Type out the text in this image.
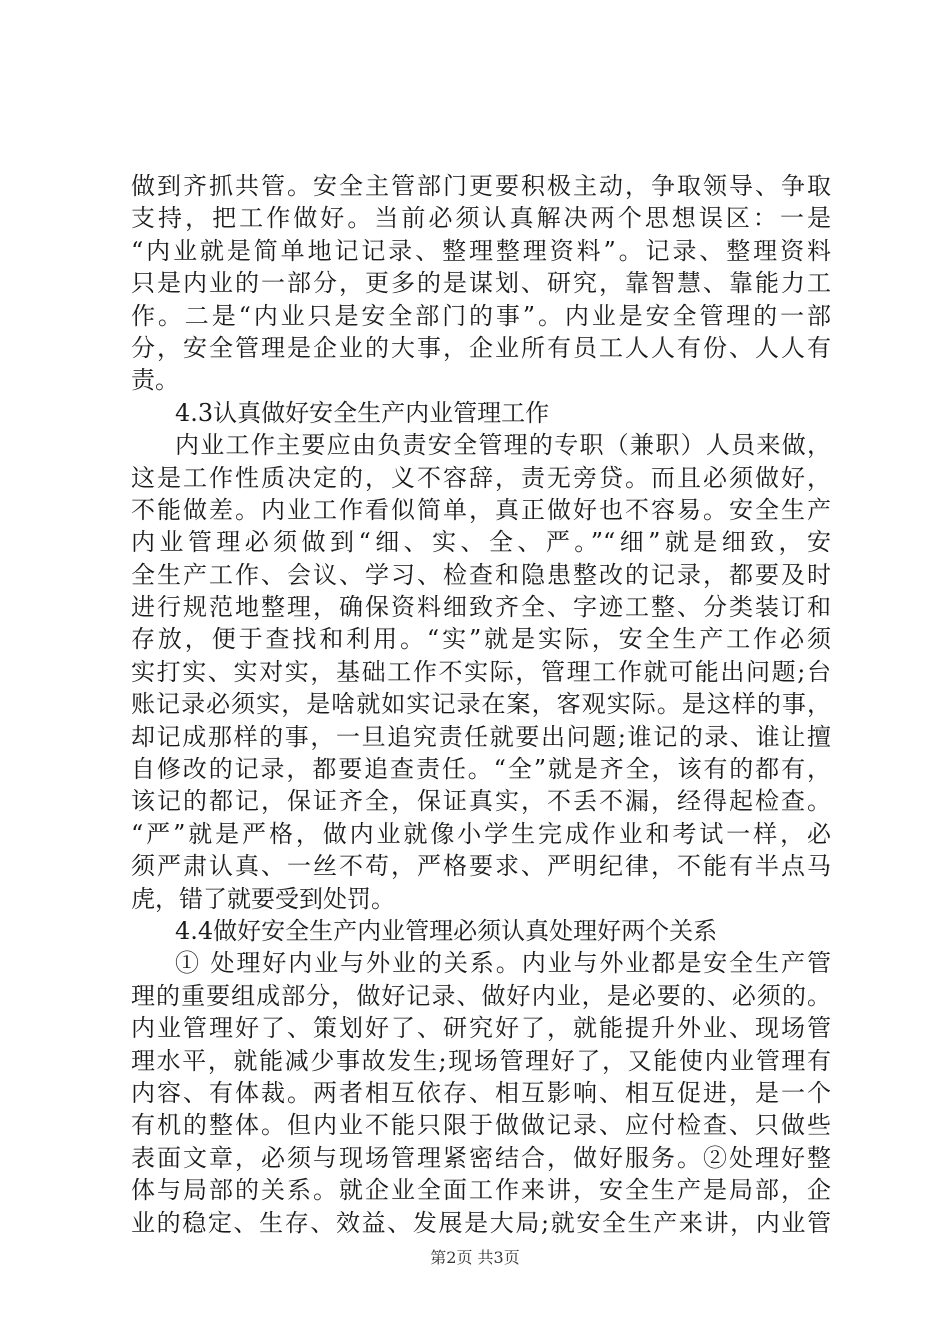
做到齐抓共管。安全主管部门更要积极主动，争取领导、争取
支持，把工作做好。当前必须认真解决两个思想误区：一是
“内业就是简单地记记录、整理整理资料”。记录、整理资料
只是内业的一部分，更多的是谋划、研究，靠智慧、靠能力工
作。二是“内业只是安全部门的事”。内业是安全管理的一部
分，安全管理是企业的大事，企业所有员工人人有份、人人有
责。
4.3认真做好安全生产内业管理工作
内业工作主要应由负责安全管理的专职（兼职）人员来做，
这是工作性质决定的，义不容辞，责无旁贷。而且必须做好，
不能做差。内业工作看似简单，真正做好也不容易。安全生产
内业管理必须做到“细、实、全、严。”“细”就是细致，安
全生产工作、会议、学习、检查和隐患整改的记录，都要及时
进行规范地整理，确保资料细致齐全、字迹工整、分类装订和
存放，便于查找和利用。“实”就是实际，安全生产工作必须
实打实、实对实，基础工作不实际，管理工作就可能出问题;台
账记录必须实，是啥就如实记录在案，客观实际。是这样的事，
却记成那样的事，一旦追究责任就要出问题;谁记的录、谁让擅
自修改的记录，都要追查责任。“全”就是齐全，该有的都有，
该记的都记，保证齐全，保证真实，不丢不漏，经得起检查。
“严”就是严格，做内业就像小学生完成作业和考试一样，必
须严肃认真、一丝不苟，严格要求、严明纪律，不能有半点马
虎，错了就要受到处罚。
4.4做好安全生产内业管理必须认真处理好两个关系
① 处理好内业与外业的关系。内业与外业都是安全生产管
理的重要组成部分，做好记录、做好内业，是必要的、必须的。
内业管理好了、策划好了、研究好了，就能提升外业、现场管
理水平，就能减少事故发生;现场管理好了，又能使内业管理有
内容、有体裁。两者相互依存、相互影响、相互促进，是一个
有机的整体。但内业不能只限于做做记录、应付检查、只做些
表面文章，必须与现场管理紧密结合，做好服务。②处理好整
体与局部的关系。就企业全面工作来讲，安全生产是局部，企
业的稳定、生存、效益、发展是大局;就安全生产来讲，内业管
第2页 共3页
